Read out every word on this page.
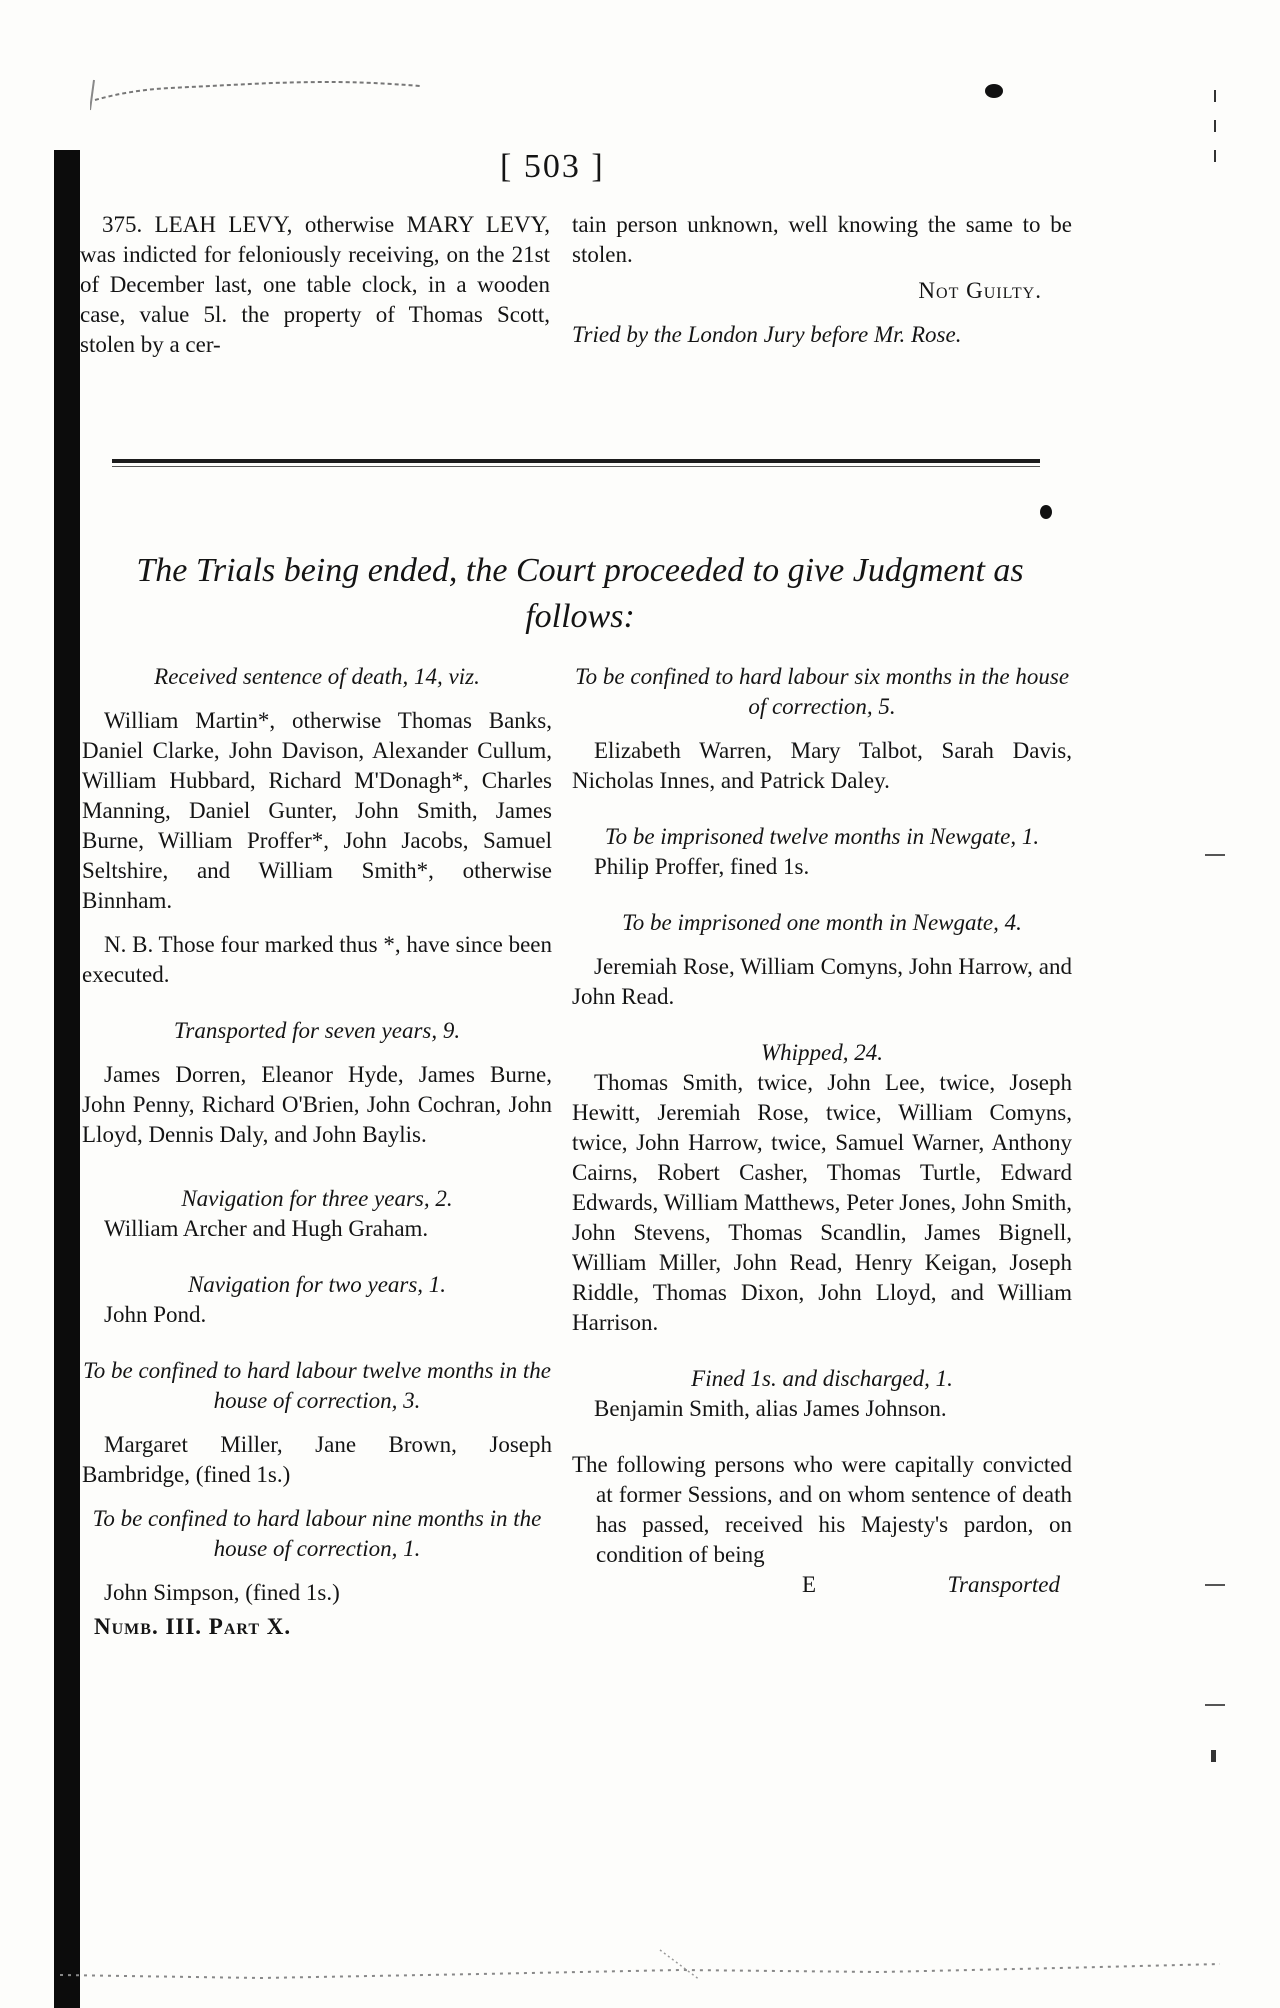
[ 503 ]

375. LEAH LEVY, otherwise MARY LEVY, was indicted for feloniously receiving, on the 21st of December last, one table clock, in a wooden case, value 5l. the property of Thomas Scott, stolen by a cer-

tain person unknown, well knowing the same to be stolen.

Not Guilty.

Tried by the London Jury before Mr. Rose.

The Trials being ended, the Court proceeded to give Judgment as follows:

Received sentence of death, 14, viz.

William Martin*, otherwise Thomas Banks, Daniel Clarke, John Davison, Alexander Cullum, William Hubbard, Richard M'Donagh*, Charles Manning, Daniel Gunter, John Smith, James Burne, William Proffer*, John Jacobs, Samuel Seltshire, and William Smith*, otherwise Binnham.

N. B. Those four marked thus *, have since been executed.

Transported for seven years, 9.

James Dorren, Eleanor Hyde, James Burne, John Penny, Richard O'Brien, John Cochran, John Lloyd, Dennis Daly, and John Baylis.

Navigation for three years, 2.

William Archer and Hugh Graham.

Navigation for two years, 1.

John Pond.

To be confined to hard labour twelve months in the house of correction, 3.

Margaret Miller, Jane Brown, Joseph Bambridge, (fined 1s.)

To be confined to hard labour nine months in the house of correction, 1.

John Simpson, (fined 1s.)

Numb. III. Part X.

To be confined to hard labour six months in the house of correction, 5.

Elizabeth Warren, Mary Talbot, Sarah Davis, Nicholas Innes, and Patrick Daley.

To be imprisoned twelve months in Newgate, 1.

Philip Proffer, fined 1s.

To be imprisoned one month in Newgate, 4.

Jeremiah Rose, William Comyns, John Harrow, and John Read.

Whipped, 24.

Thomas Smith, twice, John Lee, twice, Joseph Hewitt, Jeremiah Rose, twice, William Comyns, twice, John Harrow, twice, Samuel Warner, Anthony Cairns, Robert Casher, Thomas Turtle, Edward Edwards, William Matthews, Peter Jones, John Smith, John Stevens, Thomas Scandlin, James Bignell, William Miller, John Read, Henry Keigan, Joseph Riddle, Thomas Dixon, John Lloyd, and William Harrison.

Fined 1s. and discharged, 1.

Benjamin Smith, alias James Johnson.

The following persons who were capitally convicted at former Sessions, and on whom sentence of death has passed, received his Majesty's pardon, on condition of being

E	Transported
